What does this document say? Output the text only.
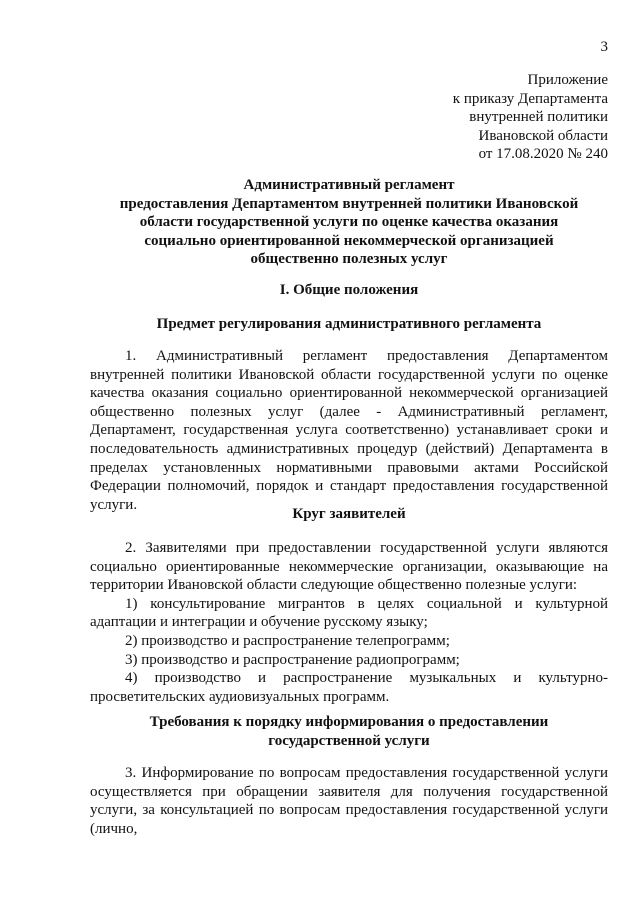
3
Приложение
к приказу Департамента
внутренней политики
Ивановской области
от 17.08.2020 № 240
Административный регламент
предоставления Департаментом внутренней политики Ивановской
области государственной услуги по оценке качества оказания
социально ориентированной некоммерческой организацией
общественно полезных услуг
I. Общие положения
Предмет регулирования административного регламента

1. Административный регламент предоставления Департаментом внутренней политики Ивановской области государственной услуги по оценке качества оказания социально ориентированной некоммерческой организацией общественно полезных услуг (далее - Административный регламент, Департамент, государственная услуга соответственно) устанавливает сроки и последовательность административных процедур (действий) Департамента в пределах установленных нормативными правовыми актами Российской Федерации полномочий, порядок и стандарт предоставления государственной услуги.

Круг заявителей

2. Заявителями при предоставлении государственной услуги являются социально ориентированные некоммерческие организации, оказывающие на территории Ивановской области следующие общественно полезные услуги:

1) консультирование мигрантов в целях социальной и культурной адаптации и интеграции и обучение русскому языку;

2) производство и распространение телепрограмм;

3) производство и распространение радиопрограмм;

4) производство и распространение музыкальных и культурно-просветительских аудиовизуальных программ.

Требования к порядку информирования о предоставлении
государственной услуги

3. Информирование по вопросам предоставления государственной услуги осуществляется при обращении заявителя для получения государственной услуги, за консультацией по вопросам предоставления государственной услуги (лично,
